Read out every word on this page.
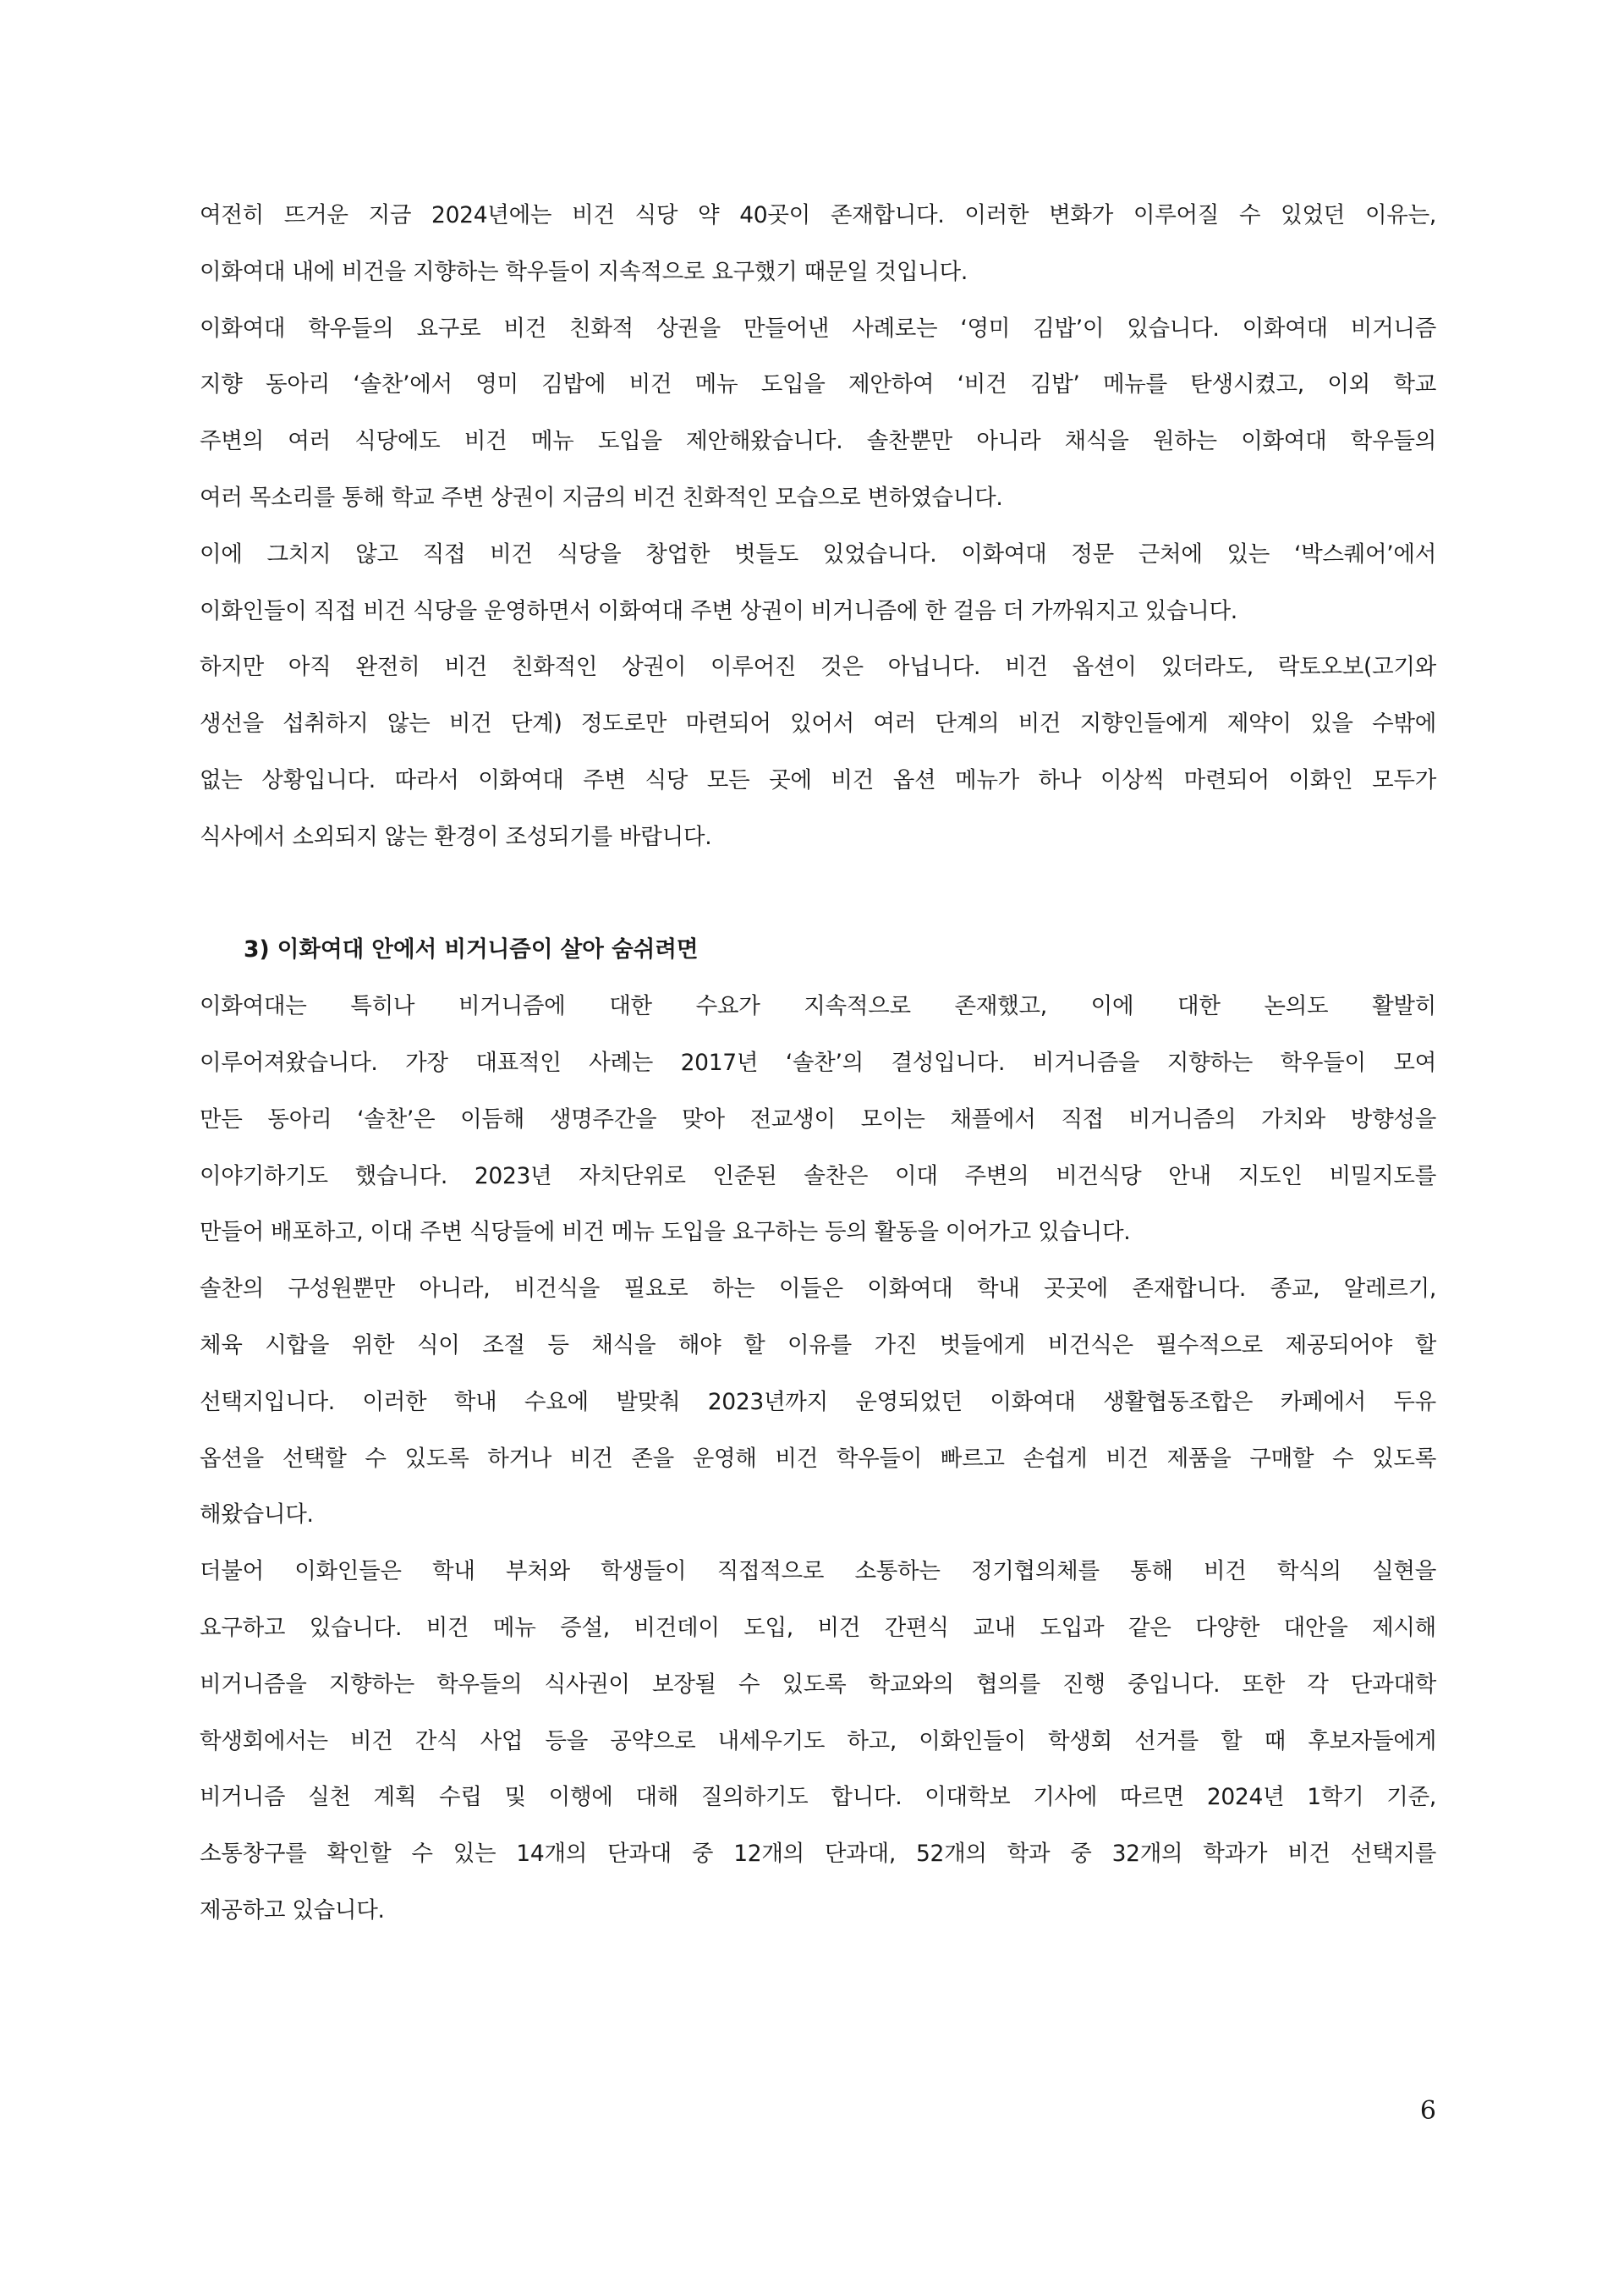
여전히 뜨거운 지금 2024년에는 비건 식당 약 40곳이 존재합니다. 이러한 변화가 이루어질 수 있었던 이유는,
이화여대 내에 비건을 지향하는 학우들이 지속적으로 요구했기 때문일 것입니다.
이화여대 학우들의 요구로 비건 친화적 상권을 만들어낸 사례로는 ‘영미 김밥’이 있습니다. 이화여대 비거니즘
지향 동아리 ‘솔찬’에서 영미 김밥에 비건 메뉴 도입을 제안하여 ‘비건 김밥’ 메뉴를 탄생시켰고, 이외 학교
주변의 여러 식당에도 비건 메뉴 도입을 제안해왔습니다. 솔찬뿐만 아니라 채식을 원하는 이화여대 학우들의
여러 목소리를 통해 학교 주변 상권이 지금의 비건 친화적인 모습으로 변하였습니다.
이에 그치지 않고 직접 비건 식당을 창업한 벗들도 있었습니다. 이화여대 정문 근처에 있는 ‘박스퀘어’에서
이화인들이 직접 비건 식당을 운영하면서 이화여대 주변 상권이 비거니즘에 한 걸음 더 가까워지고 있습니다.
하지만 아직 완전히 비건 친화적인 상권이 이루어진 것은 아닙니다. 비건 옵션이 있더라도, 락토오보(고기와
생선을 섭취하지 않는 비건 단계) 정도로만 마련되어 있어서 여러 단계의 비건 지향인들에게 제약이 있을 수밖에
없는 상황입니다. 따라서 이화여대 주변 식당 모든 곳에 비건 옵션 메뉴가 하나 이상씩 마련되어 이화인 모두가
식사에서 소외되지 않는 환경이 조성되기를 바랍니다.
3) 이화여대 안에서 비거니즘이 살아 숨쉬려면
이화여대는 특히나 비거니즘에 대한 수요가 지속적으로 존재했고, 이에 대한 논의도 활발히
이루어져왔습니다. 가장 대표적인 사례는 2017년 ‘솔찬’의 결성입니다. 비거니즘을 지향하는 학우들이 모여
만든 동아리 ‘솔찬’은 이듬해 생명주간을 맞아 전교생이 모이는 채플에서 직접 비거니즘의 가치와 방향성을
이야기하기도 했습니다. 2023년 자치단위로 인준된 솔찬은 이대 주변의 비건식당 안내 지도인 비밀지도를
만들어 배포하고, 이대 주변 식당들에 비건 메뉴 도입을 요구하는 등의 활동을 이어가고 있습니다.
솔찬의 구성원뿐만 아니라, 비건식을 필요로 하는 이들은 이화여대 학내 곳곳에 존재합니다. 종교, 알레르기,
체육 시합을 위한 식이 조절 등 채식을 해야 할 이유를 가진 벗들에게 비건식은 필수적으로 제공되어야 할
선택지입니다. 이러한 학내 수요에 발맞춰 2023년까지 운영되었던 이화여대 생활협동조합은 카페에서 두유
옵션을 선택할 수 있도록 하거나 비건 존을 운영해 비건 학우들이 빠르고 손쉽게 비건 제품을 구매할 수 있도록
해왔습니다.
더불어 이화인들은 학내 부처와 학생들이 직접적으로 소통하는 정기협의체를 통해 비건 학식의 실현을
요구하고 있습니다. 비건 메뉴 증설, 비건데이 도입, 비건 간편식 교내 도입과 같은 다양한 대안을 제시해
비거니즘을 지향하는 학우들의 식사권이 보장될 수 있도록 학교와의 협의를 진행 중입니다. 또한 각 단과대학
학생회에서는 비건 간식 사업 등을 공약으로 내세우기도 하고, 이화인들이 학생회 선거를 할 때 후보자들에게
비거니즘 실천 계획 수립 및 이행에 대해 질의하기도 합니다. 이대학보 기사에 따르면 2024년 1학기 기준,
소통창구를 확인할 수 있는 14개의 단과대 중 12개의 단과대, 52개의 학과 중 32개의 학과가 비건 선택지를
제공하고 있습니다.
6
